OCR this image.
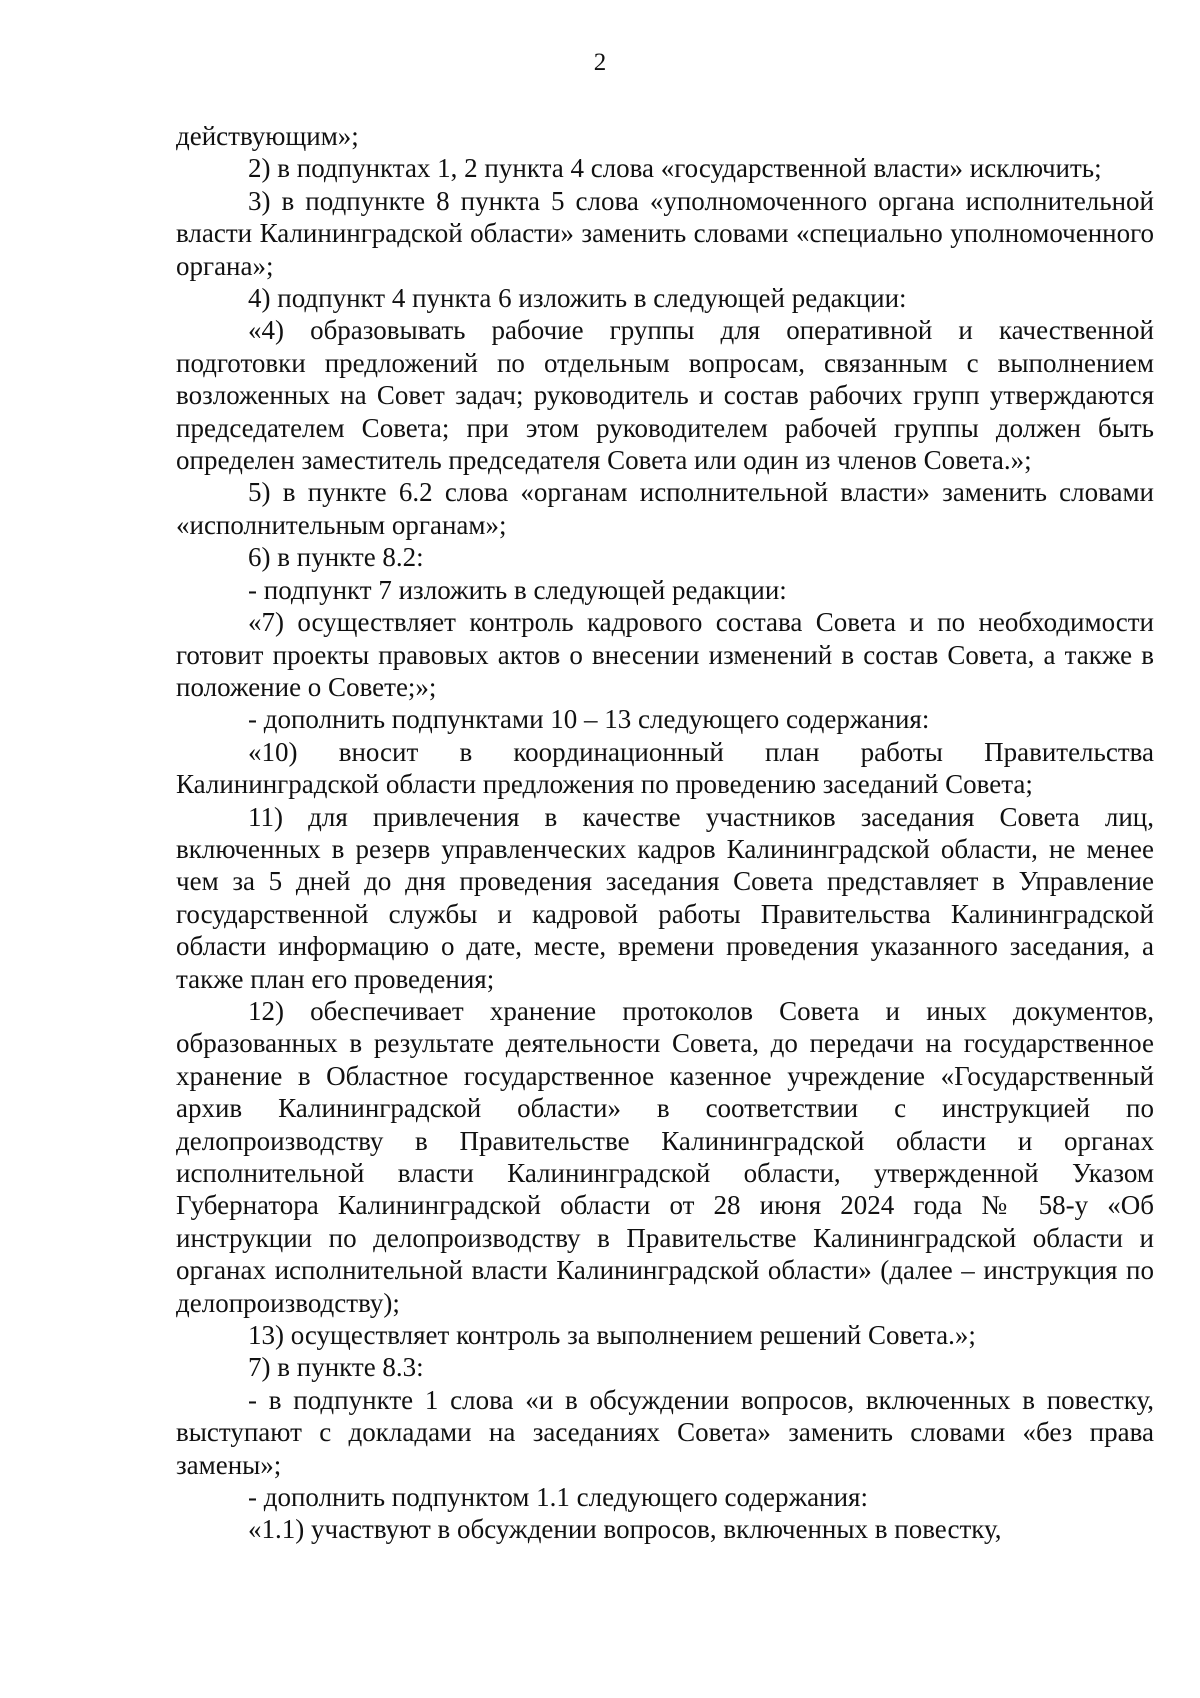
2

действующим»;

2) в подпунктах 1, 2 пункта 4 слова «государственной власти» исключить;

3) в подпункте 8 пункта 5 слова «уполномоченного органа исполнительной власти Калининградской области» заменить словами «специально уполномоченного органа»;

4) подпункт 4 пункта 6 изложить в следующей редакции:

«4) образовывать рабочие группы для оперативной и качественной подготовки предложений по отдельным вопросам, связанным с выполнением возложенных на Совет задач; руководитель и состав рабочих групп утверждаются председателем Совета; при этом руководителем рабочей группы должен быть определен заместитель председателя Совета или один из членов Совета.»;

5) в пункте 6.2 слова «органам исполнительной власти» заменить словами «исполнительным органам»;

6) в пункте 8.2:

- подпункт 7 изложить в следующей редакции:

«7) осуществляет контроль кадрового состава Совета и по необходимости готовит проекты правовых актов о внесении изменений в состав Совета, а также в положение о Совете;»;

- дополнить подпунктами 10 – 13 следующего содержания:

«10) вносит в координационный план работы Правительства Калининградской области предложения по проведению заседаний Совета;

11) для привлечения в качестве участников заседания Совета лиц, включенных в резерв управленческих кадров Калининградской области, не менее чем за 5 дней до дня проведения заседания Совета представляет в Управление государственной службы и кадровой работы Правительства Калининградской области информацию о дате, месте, времени проведения указанного заседания, а также план его проведения;

12) обеспечивает хранение протоколов Совета и иных документов, образованных в результате деятельности Совета, до передачи на государственное хранение в Областное государственное казенное учреждение «Государственный архив Калининградской области» в соответствии с инструкцией по делопроизводству в Правительстве Калининградской области и органах исполнительной власти Калининградской области, утвержденной Указом Губернатора Калининградской области от 28 июня 2024 года № 58-у «Об инструкции по делопроизводству в Правительстве Калининградской области и органах исполнительной власти Калининградской области» (далее – инструкция по делопроизводству);

13) осуществляет контроль за выполнением решений Совета.»;

7) в пункте 8.3:

- в подпункте 1 слова «и в обсуждении вопросов, включенных в повестку, выступают с докладами на заседаниях Совета» заменить словами «без права замены»;

- дополнить подпунктом 1.1 следующего содержания:

«1.1) участвуют в обсуждении вопросов, включенных в повестку,
